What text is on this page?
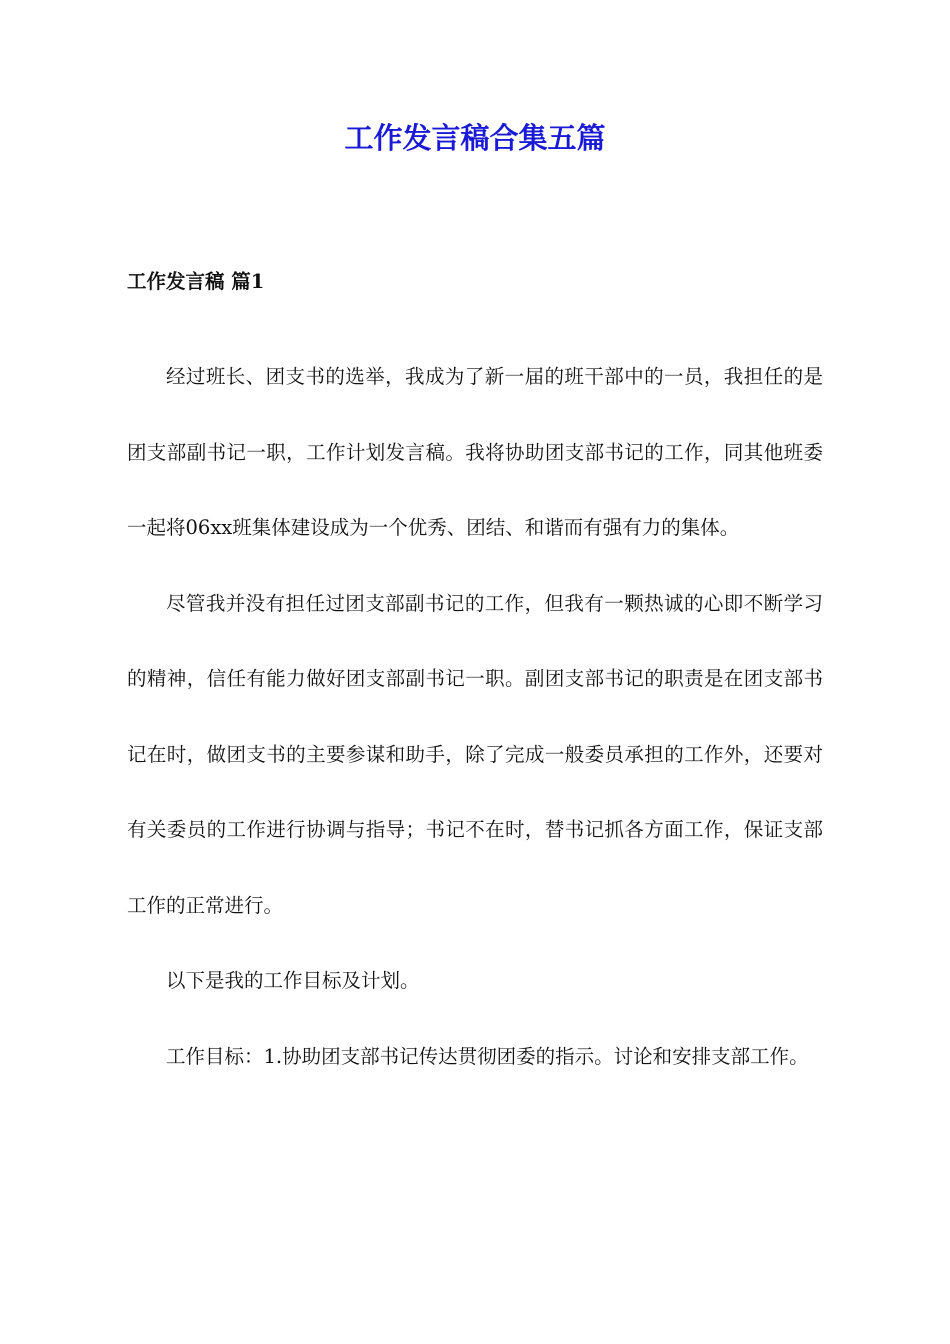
工作发言稿合集五篇
工作发言稿 篇1

经过班长、团支书的选举，我成为了新一届的班干部中的一员，我担任的是团支部副书记一职，工作计划发言稿。我将协助团支部书记的工作，同其他班委一起将06xx班集体建设成为一个优秀、团结、和谐而有强有力的集体。

尽管我并没有担任过团支部副书记的工作，但我有一颗热诚的心即不断学习的精神，信任有能力做好团支部副书记一职。副团支部书记的职责是在团支部书记在时，做团支书的主要参谋和助手，除了完成一般委员承担的工作外，还要对有关委员的工作进行协调与指导；书记不在时，替书记抓各方面工作，保证支部工作的正常进行。

以下是我的工作目标及计划。

工作目标：1.协助团支部书记传达贯彻团委的指示。讨论和安排支部工作。
